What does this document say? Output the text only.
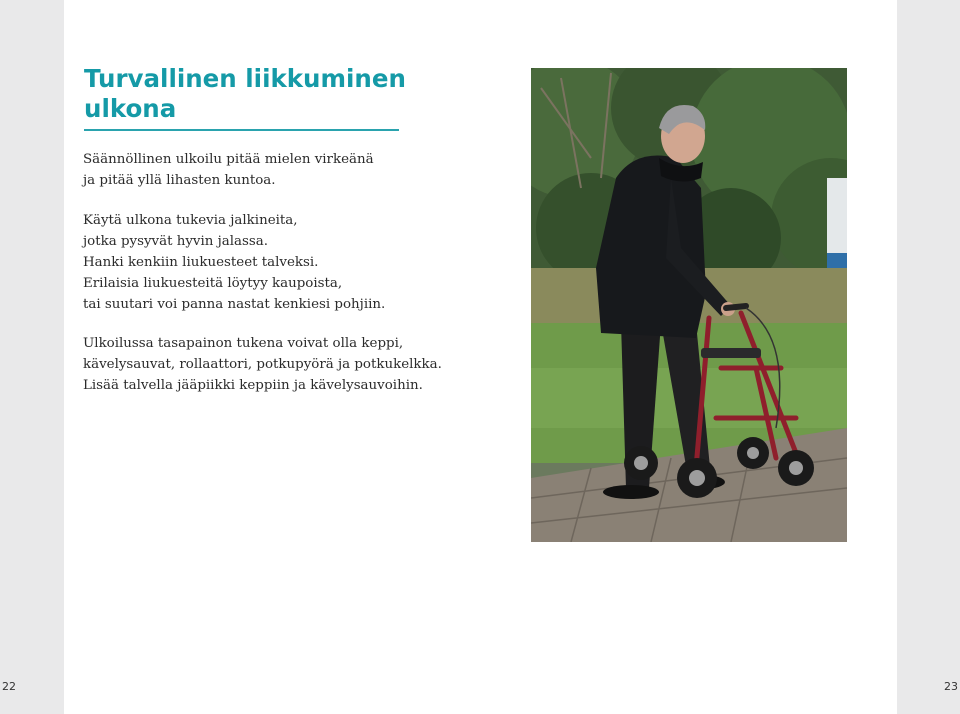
Turvallinen liikkuminen
ulkona
Säännöllinen ulkoilu pitää mielen virkeänä
ja pitää yllä lihasten kuntoa.
Käytä ulkona tukevia jalkineita,
jotka pysyvät hyvin jalassa.
Hanki kenkiin liukuesteet talveksi.
Erilaisia liukuesteitä löytyy kaupoista,
tai suutari voi panna nastat kenkiesi pohjiin.
Ulkoilussa tasapainon tukena voivat olla keppi,
kävelysauvat, rollaattori, potkupyörä ja potkukelkka.
Lisää talvella jääpiikki keppiin ja kävelysauvoihin.
22	23
